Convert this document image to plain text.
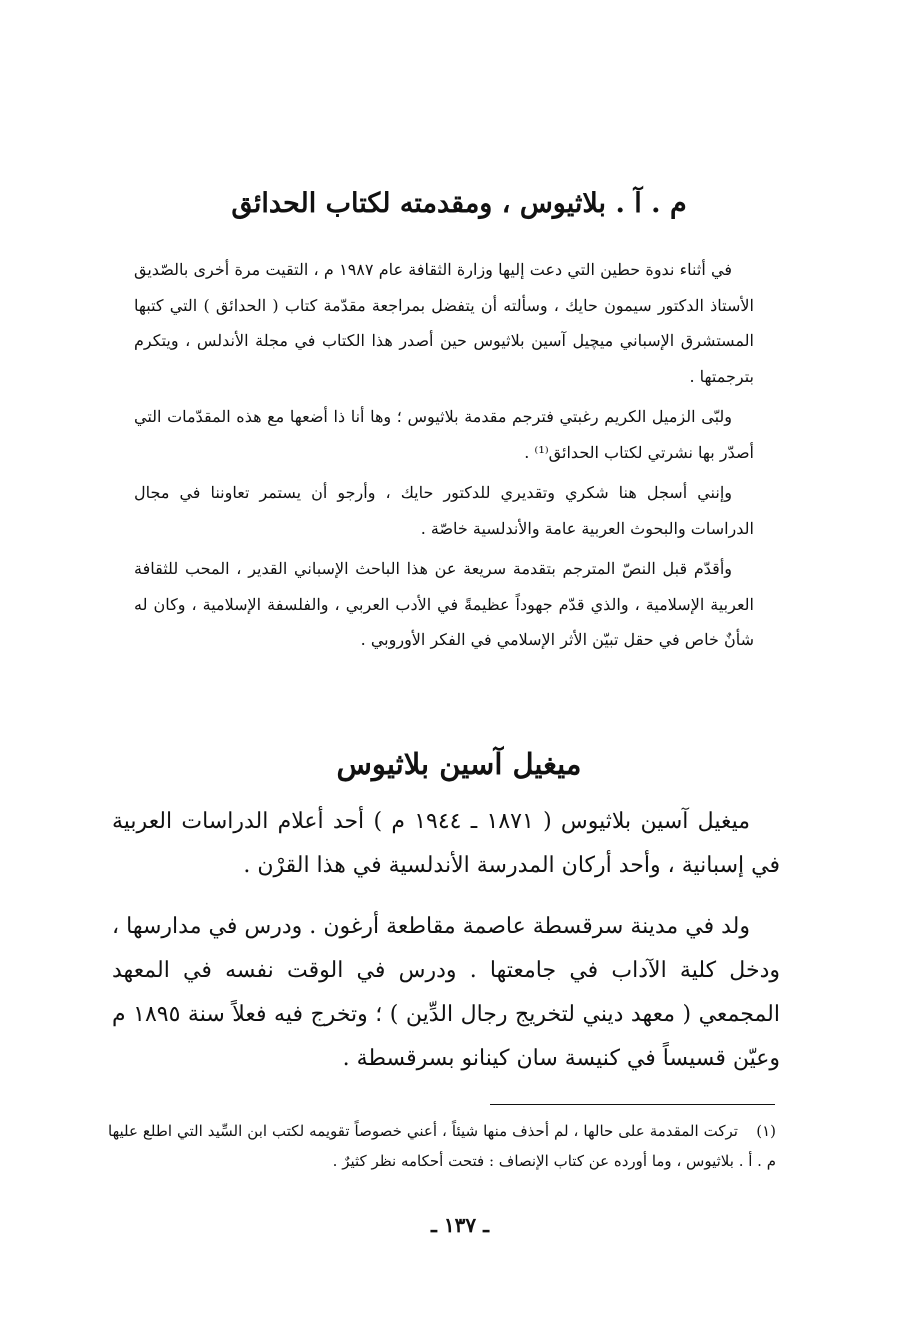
م . آ . بلاثيوس ، ومقدمته لكتاب الحدائق

في أثناء ندوة حطين التي دعت إليها وزارة الثقافة عام ١٩٨٧ م ، التقيت مرة أخرى بالصّديق الأستاذ الدكتور سيمون حايك ، وسألته أن يتفضل بمراجعة مقدّمة كتاب ( الحدائق ) التي كتبها المستشرق الإسباني ميچيل آسين بلاثيوس حين أصدر هذا الكتاب في مجلة الأندلس ، ويتكرم بترجمتها .

ولبّى الزميل الكريم رغبتي فترجم مقدمة بلاثيوس ؛ وها أنا ذا أضعها مع هذه المقدّمات التي أصدّر بها نشرتي لكتاب الحدائق⁽¹⁾ .

وإنني أسجل هنا شكري وتقديري للدكتور حايك ، وأرجو أن يستمر تعاوننا في مجال الدراسات والبحوث العربية عامة والأندلسية خاصّة .

وأقدّم قبل النصّ المترجم بتقدمة سريعة عن هذا الباحث الإسباني القدير ، المحب للثقافة العربية الإسلامية ، والذي قدّم جهوداً عظيمةً في الأدب العربي ، والفلسفة الإسلامية ، وكان له شأنٌ خاص في حقل تبيّن الأثر الإسلامي في الفكر الأوروبي .

ميغيل آسين بلاثيوس

ميغيل آسين بلاثيوس ( ١٨٧١ ـ ١٩٤٤ م ) أحد أعلام الدراسات العربية في إسبانية ، وأحد أركان المدرسة الأندلسية في هذا القرْن .

ولد في مدينة سرقسطة عاصمة مقاطعة أرغون . ودرس في مدارسها ، ودخل كلية الآداب في جامعتها . ودرس في الوقت نفسه في المعهد المجمعي ( معهد ديني لتخريج رجال الدِّين ) ؛ وتخرج فيه فعلاً سنة ١٨٩٥ م وعيّن قسيساً في كنيسة سان كينانو بسرقسطة .

(١)تركت المقدمة على حالها ، لم أحذف منها شيئاً ، أعني خصوصاً تقويمه لكتب ابن السِّيد التي اطلع عليها م . أ . بلاثيوس ، وما أورده عن كتاب الإنصاف : فتحت أحكامه نظر كثيرٌ .
ـ ١٣٧ ـ
